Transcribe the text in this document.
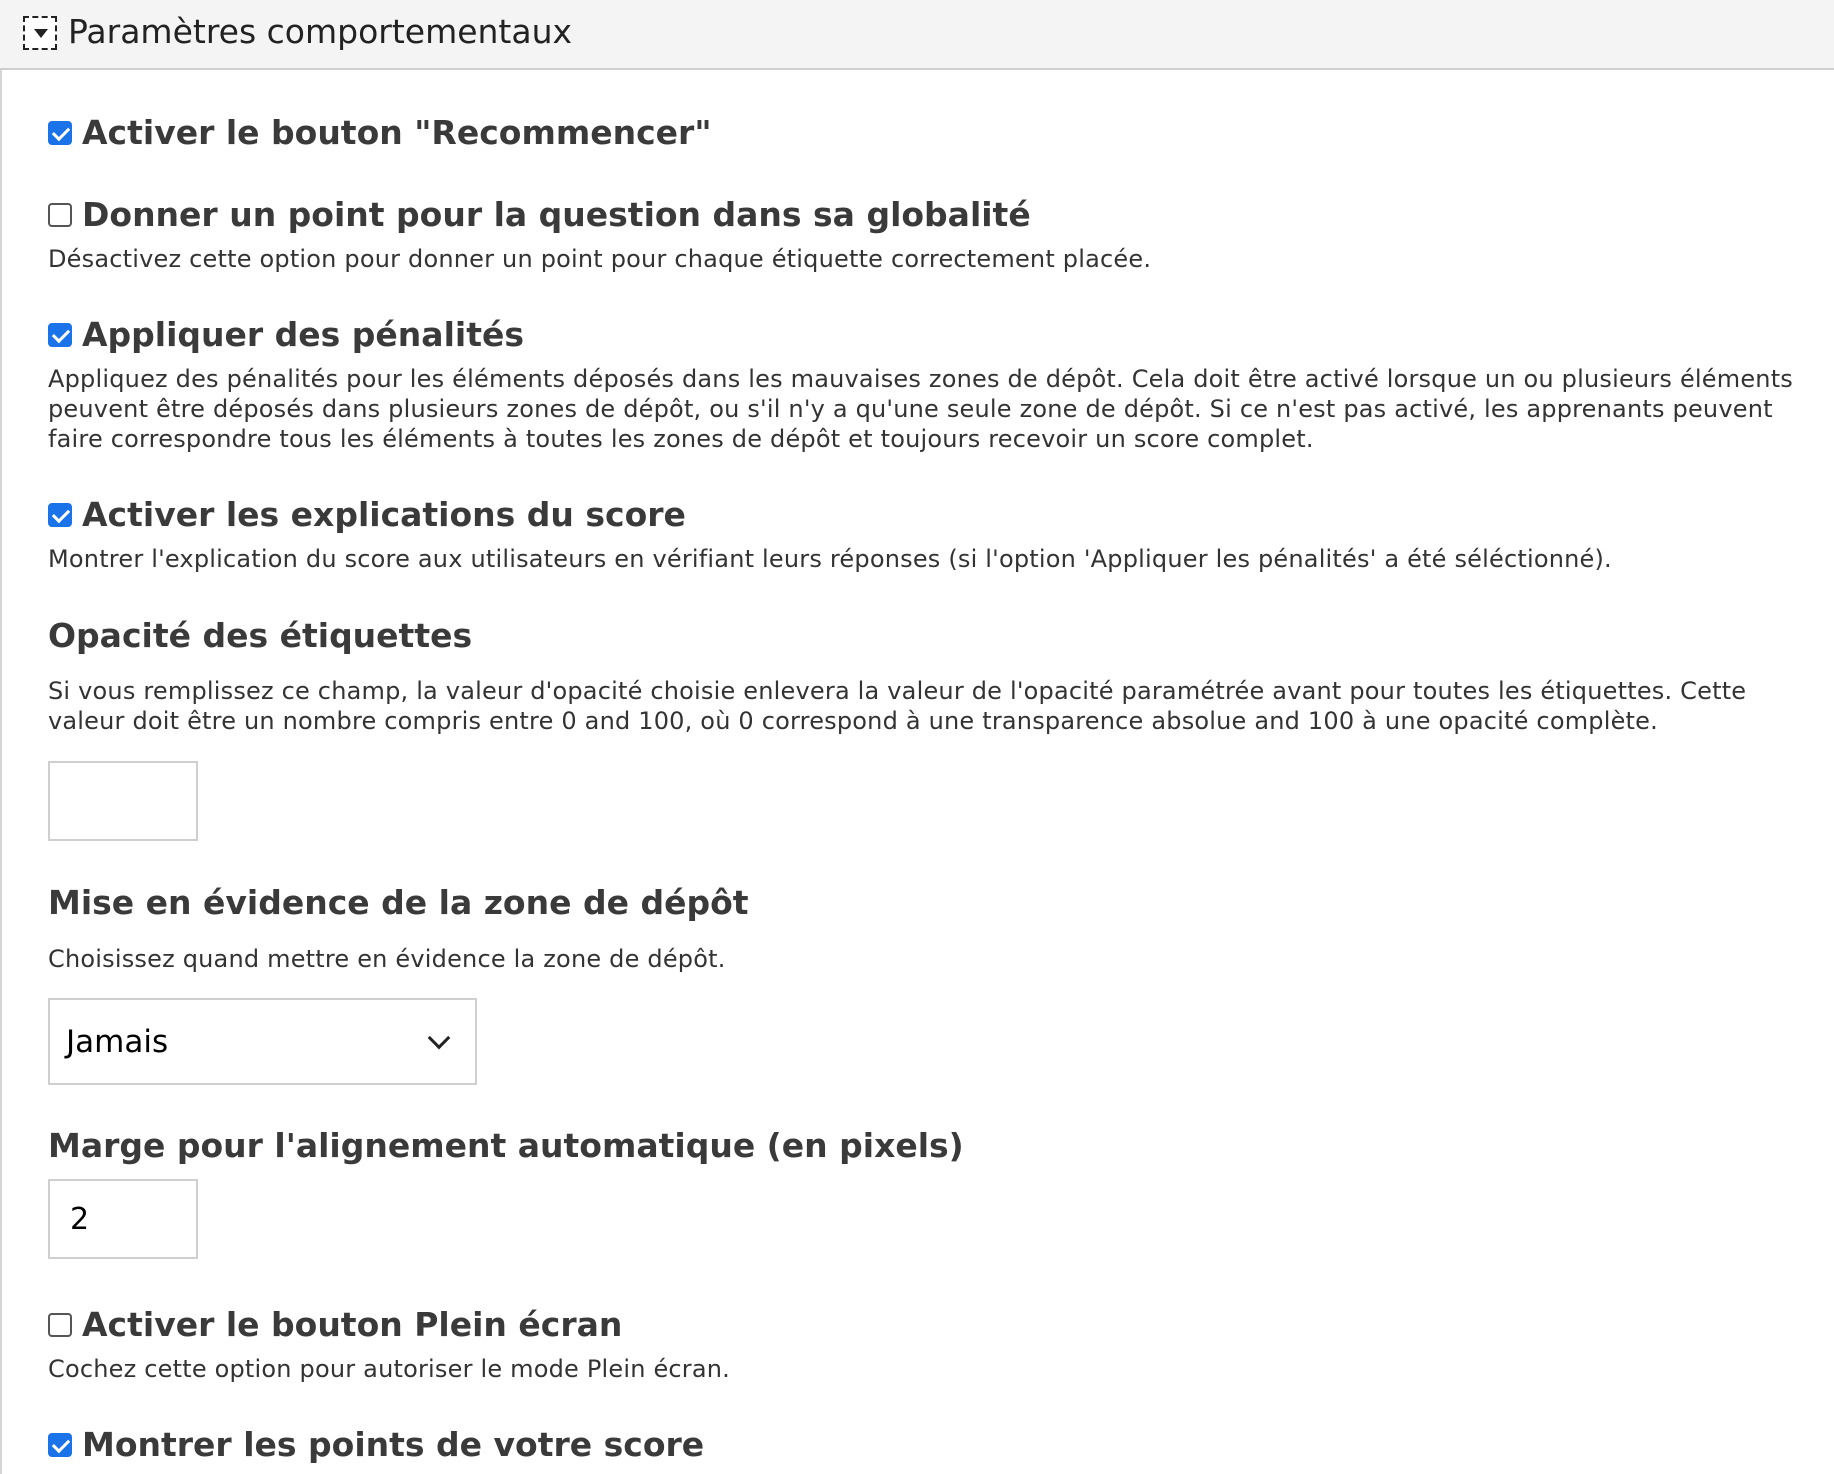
Paramètres comportementaux
Activer le bouton "Recommencer"
Donner un point pour la question dans sa globalité
Désactivez cette option pour donner un point pour chaque étiquette correctement placée.
Appliquer des pénalités
Appliquez des pénalités pour les éléments déposés dans les mauvaises zones de dépôt. Cela doit être activé lorsque un ou plusieurs éléments peuvent être déposés dans plusieurs zones de dépôt, ou s'il n'y a qu'une seule zone de dépôt. Si ce n'est pas activé, les apprenants peuvent faire correspondre tous les éléments à toutes les zones de dépôt et toujours recevoir un score complet.
Activer les explications du score
Montrer l'explication du score aux utilisateurs en vérifiant leurs réponses (si l'option 'Appliquer les pénalités' a été séléctionné).
Opacité des étiquettes
Si vous remplissez ce champ, la valeur d'opacité choisie enlevera la valeur de l'opacité paramétrée avant pour toutes les étiquettes. Cette valeur doit être un nombre compris entre 0 and 100, où 0 correspond à une transparence absolue and 100 à une opacité complète.
Mise en évidence de la zone de dépôt
Choisissez quand mettre en évidence la zone de dépôt.
Jamais
Marge pour l'alignement automatique (en pixels)
2
Activer le bouton Plein écran
Cochez cette option pour autoriser le mode Plein écran.
Montrer les points de votre score
